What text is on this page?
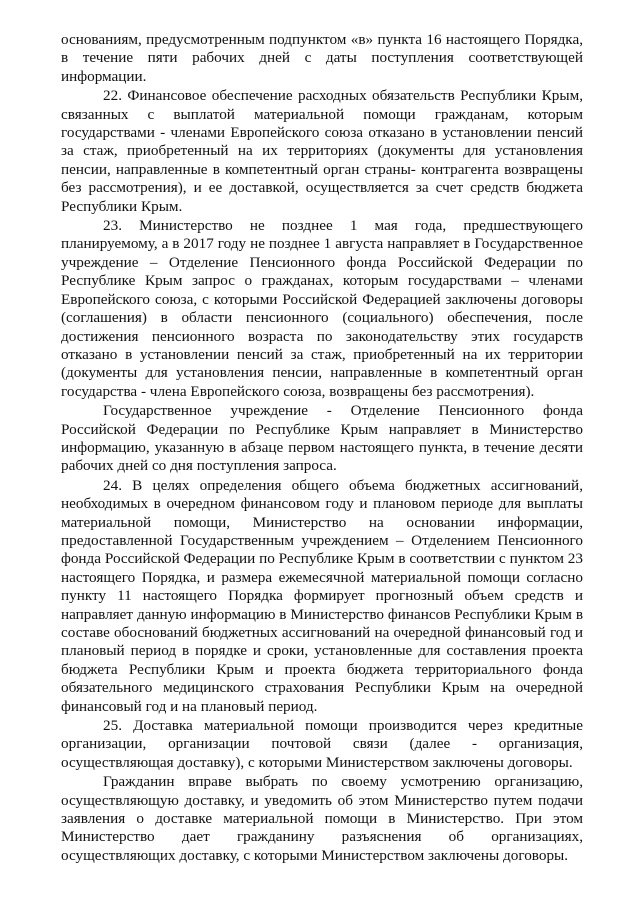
основаниям, предусмотренным подпунктом «в» пункта 16 настоящего Порядка, в течение пяти рабочих дней с даты поступления соответствующей информации.

22. Финансовое обеспечение расходных обязательств Республики Крым, связанных с выплатой материальной помощи гражданам, которым государствами - членами Европейского союза отказано в установлении пенсий за стаж, приобретенный на их территориях (документы для установления пенсии, направленные в компетентный орган страны- контрагента возвращены без рассмотрения), и ее доставкой, осуществляется за счет средств бюджета Республики Крым.

23. Министерство не позднее 1 мая года, предшествующего планируемому, а в 2017 году не позднее 1 августа направляет в Государственное учреждение – Отделение Пенсионного фонда Российской Федерации по Республике Крым запрос о гражданах, которым государствами – членами Европейского союза, с которыми Российской Федерацией заключены договоры (соглашения) в области пенсионного (социального) обеспечения, после достижения пенсионного возраста по законодательству этих государств отказано в установлении пенсий за стаж, приобретенный на их территории (документы для установления пенсии, направленные в компетентный орган государства - члена Европейского союза, возвращены без рассмотрения).

Государственное учреждение - Отделение Пенсионного фонда Российской Федерации по Республике Крым направляет в Министерство информацию, указанную в абзаце первом настоящего пункта, в течение десяти рабочих дней со дня поступления запроса.

24. В целях определения общего объема бюджетных ассигнований, необходимых в очередном финансовом году и плановом периоде для выплаты материальной помощи, Министерство на основании информации, предоставленной Государственным учреждением – Отделением Пенсионного фонда Российской Федерации по Республике Крым в соответствии с пунктом 23 настоящего Порядка, и размера ежемесячной материальной помощи согласно пункту 11 настоящего Порядка формирует прогнозный объем средств и направляет данную информацию в Министерство финансов Республики Крым в составе обоснований бюджетных ассигнований на очередной финансовый год и плановый период в порядке и сроки, установленные для составления проекта бюджета Республики Крым и проекта бюджета территориального фонда обязательного медицинского страхования Республики Крым на очередной финансовый год и на плановый период.

25. Доставка материальной помощи производится через кредитные организации, организации почтовой связи (далее - организация, осуществляющая доставку), с которыми Министерством заключены договоры.

Гражданин вправе выбрать по своему усмотрению организацию, осуществляющую доставку, и уведомить об этом Министерство путем подачи заявления о доставке материальной помощи в Министерство. При этом Министерство дает гражданину разъяснения об организациях, осуществляющих доставку, с которыми Министерством заключены договоры.
